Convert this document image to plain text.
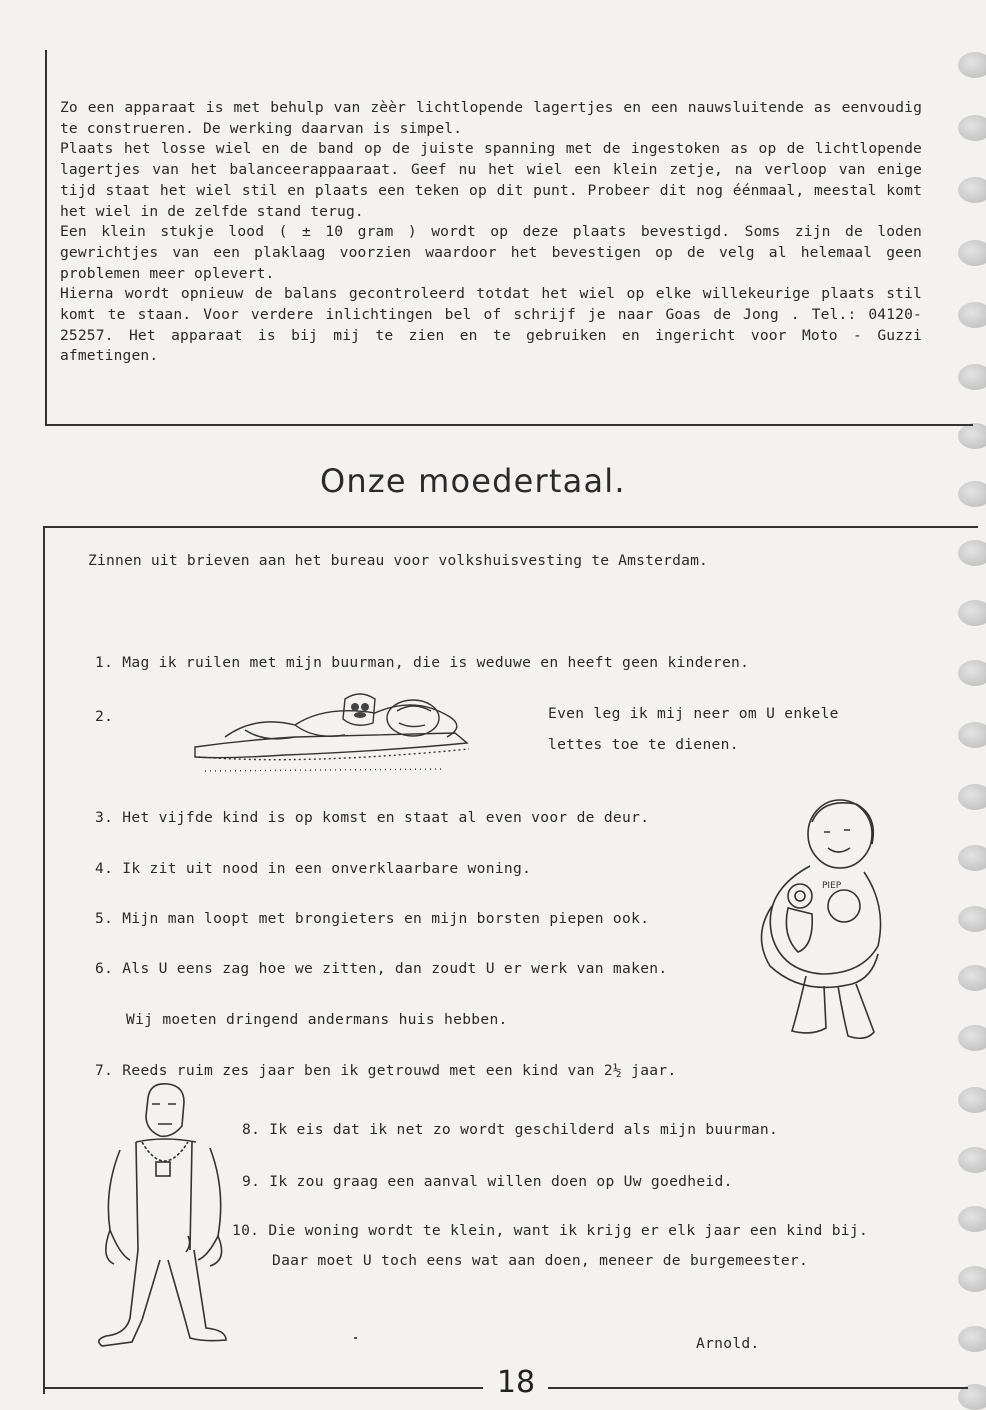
Zo een apparaat is met behulp van zèèr lichtlopende lagertjes en een nauwsluitende as eenvoudig te construeren. De werking daarvan is simpel.

Plaats het losse wiel en de band op de juiste spanning met de ingestoken as op de lichtlopende lagertjes van het balanceerappaaraat. Geef nu het wiel een klein zetje, na verloop van enige tijd staat het wiel stil en plaats een teken op dit punt. Probeer dit nog éénmaal, meestal komt het wiel in de zelfde stand terug.

Een klein stukje lood ( ± 10 gram ) wordt op deze plaats bevestigd. Soms zijn de loden gewrichtjes van een plaklaag voorzien waardoor het bevestigen op de velg al helemaal geen problemen meer oplevert.

Hierna wordt opnieuw de balans gecontroleerd totdat het wiel op elke willekeurige plaats stil komt te staan. Voor verdere inlichtingen bel of schrijf je naar Goas de Jong . Tel.: 04120- 25257. Het apparaat is bij mij te zien en te gebruiken en ingericht voor Moto - Guzzi afmetingen.

Onze moedertaal.
Zinnen uit brieven aan het bureau voor volkshuisvesting te Amsterdam.
1. Mag ik ruilen met mijn buurman, die is weduwe en heeft geen kinderen.
2.	Even leg ik mij neer om U enkele
lettes toe te dienen.
3. Het vijfde kind is op komst en staat al even voor de deur.
4. Ik zit uit nood in een onverklaarbare woning.
5. Mijn man loopt met brongieters en mijn borsten piepen ook.
6. Als U eens zag hoe we zitten, dan zoudt U er werk van maken.
Wij moeten dringend andermans huis hebben.
7. Reeds ruim zes jaar ben ik getrouwd met een kind van 2½ jaar.
8. Ik eis dat ik net zo wordt geschilderd als mijn buurman.
9. Ik zou graag een aanval willen doen op Uw goedheid.
10. Die woning wordt te klein, want ik krijg er elk jaar een kind bij.
Daar moet U toch eens wat aan doen, meneer de burgemeester.
Arnold.
18
PIEP
